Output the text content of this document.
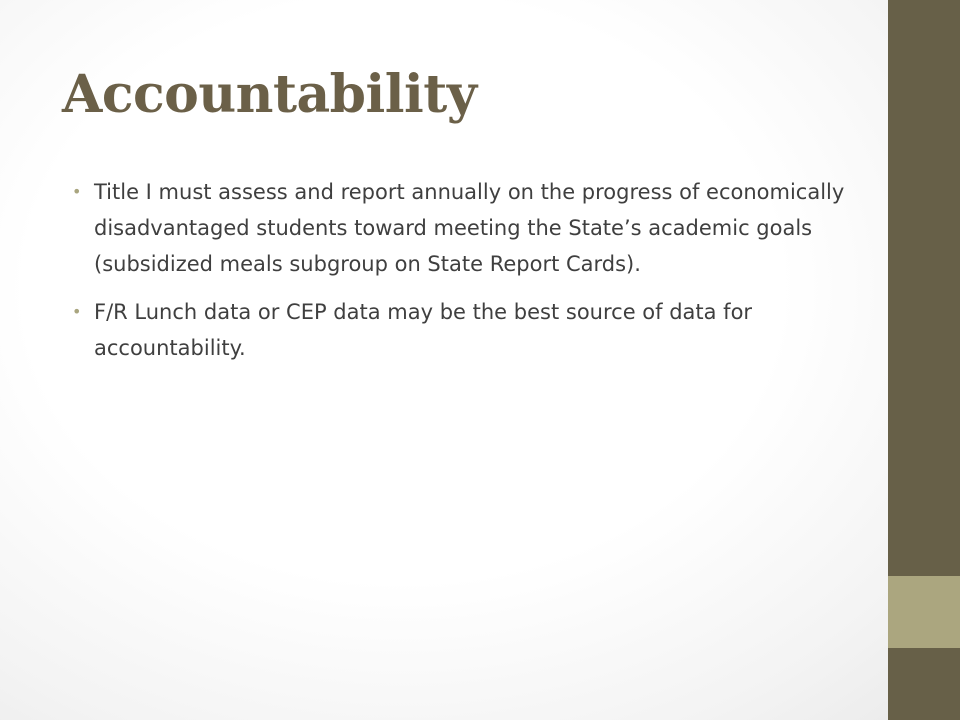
Accountability
• Title I must assess and report annually on the progress of economically disadvantaged students toward meeting the State’s academic goals (subsidized meals subgroup on State Report Cards).
• F/R Lunch data or CEP data may be the best source of data for accountability.
